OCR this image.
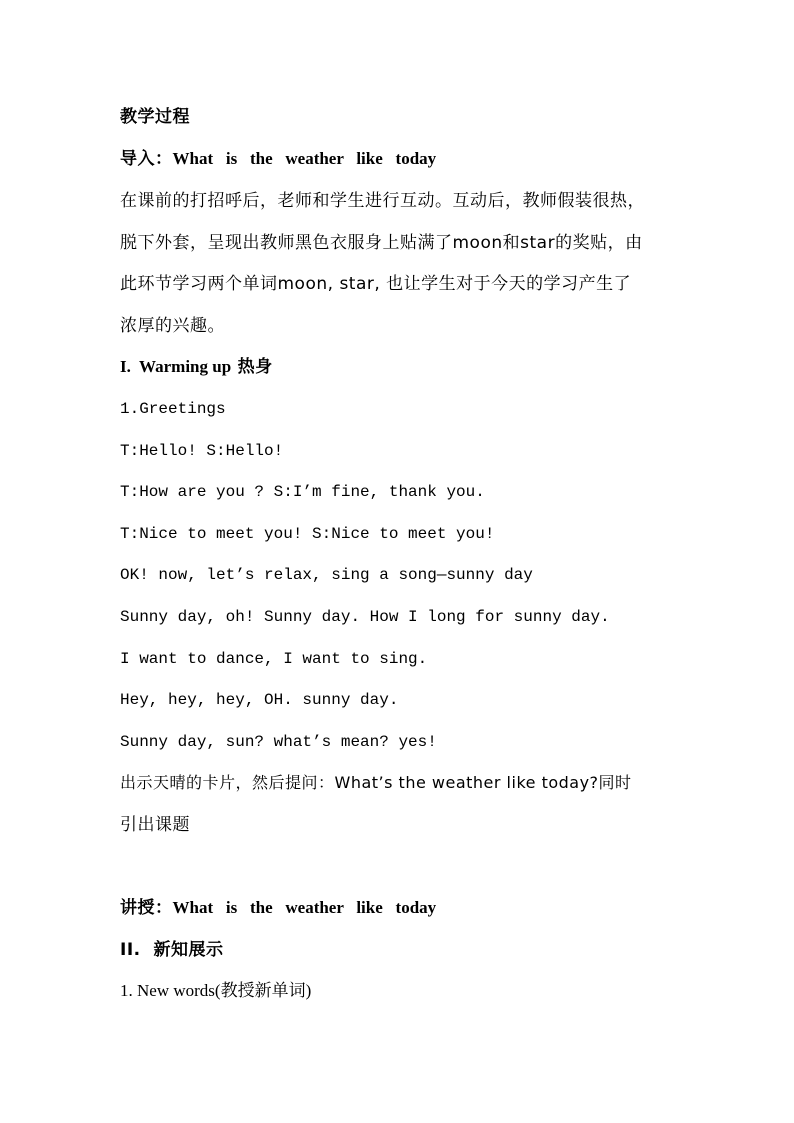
教学过程
导入：What   is   the   weather   like   today
在课前的打招呼后，老师和学生进行互动。互动后，教师假装很热，
脱下外套，呈现出教师黑色衣服身上贴满了moon和star的奖贴，由
此环节学习两个单词moon, star, 也让学生对于今天的学习产生了
浓厚的兴趣。
I.  Warming up 热身
1.Greetings
T:Hello! S:Hello!
T:How are you ? S:I’m fine, thank you.
T:Nice to meet you! S:Nice to meet you!
OK! now, let’s relax, sing a song—sunny day
Sunny day, oh! Sunny day. How I long for sunny day.
I want to dance, I want to sing.
Hey, hey, hey, OH. sunny day.
Sunny day, sun? what’s mean? yes!
出示天晴的卡片，然后提问：What’s the weather like today?同时
引出课题
讲授：What   is   the   weather   like   today
II.  新知展示
1. New words(教授新单词)
